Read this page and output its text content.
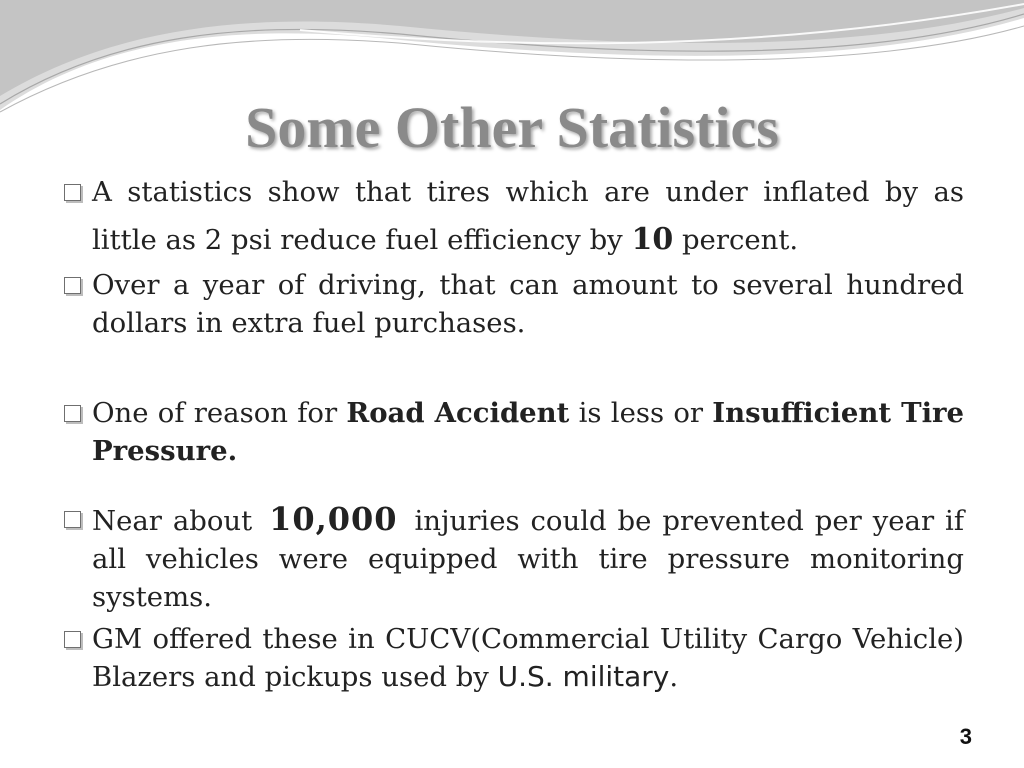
Some Other Statistics
A statistics show that tires which are under inflated by as little as 2 psi reduce fuel efficiency by 10 percent.
Over a year of driving, that can amount to several hundred dollars in extra fuel purchases.
One of reason for Road Accident is less or Insufficient Tire Pressure.
Near about 10,000 injuries could be prevented per year if all vehicles were equipped with tire pressure monitoring systems.
GM offered these in CUCV(Commercial Utility Cargo Vehicle) Blazers and pickups used by U.S. military.
3
